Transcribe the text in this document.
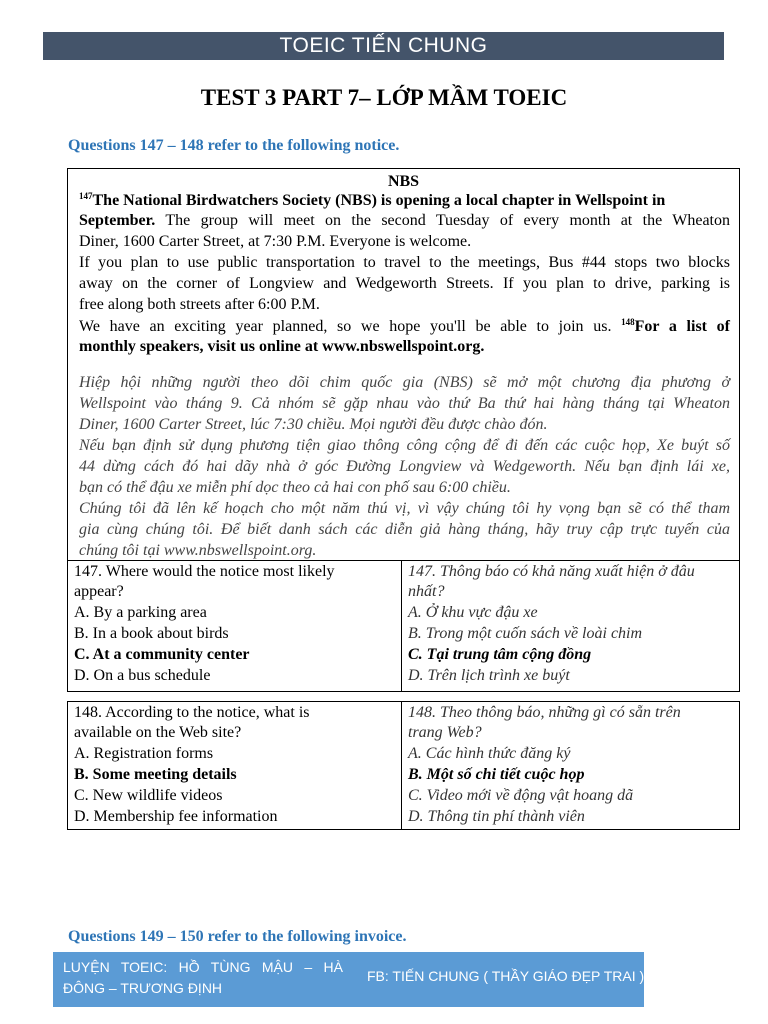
TOEIC TIẾN CHUNG
TEST 3 PART 7– LỚP MẦM TOEIC
Questions 147 – 148 refer to the following notice.
NBS
$^{147}$The National Birdwatchers Society (NBS) is opening a local chapter in Wellspoint in
September. The group will meet on the second Tuesday of every month at the Wheaton
Diner, 1600 Carter Street, at 7:30 P.M. Everyone is welcome.
If you plan to use public transportation to travel to the meetings, Bus #44 stops two blocks
away on the corner of Longview and Wedgeworth Streets. If you plan to drive, parking is
free along both streets after 6:00 P.M.
We have an exciting year planned, so we hope you'll be able to join us. $^{148}$For a list of
monthly speakers, visit us online at www.nbswellspoint.org.
Hiệp hội những người theo dõi chim quốc gia (NBS) sẽ mở một chương địa phương ở
Wellspoint vào tháng 9. Cả nhóm sẽ gặp nhau vào thứ Ba thứ hai hàng tháng tại Wheaton
Diner, 1600 Carter Street, lúc 7:30 chiều. Mọi người đều được chào đón.
Nếu bạn định sử dụng phương tiện giao thông công cộng để đi đến các cuộc họp, Xe buýt số
44 dừng cách đó hai dãy nhà ở góc Đường Longview và Wedgeworth. Nếu bạn định lái xe,
bạn có thể đậu xe miễn phí dọc theo cả hai con phố sau 6:00 chiều.
Chúng tôi đã lên kế hoạch cho một năm thú vị, vì vậy chúng tôi hy vọng bạn sẽ có thể tham
gia cùng chúng tôi. Để biết danh sách các diễn giả hàng tháng, hãy truy cập trực tuyến của
chúng tôi tại www.nbswellspoint.org.
147. Where would the notice most likely
appear?
A. By a parking area
B. In a book about birds
C. At a community center
D. On a bus schedule
147. Thông báo có khả năng xuất hiện ở đâu
nhất?
A. Ở khu vực đậu xe
B. Trong một cuốn sách về loài chim
C. Tại trung tâm cộng đồng
D. Trên lịch trình xe buýt
148. According to the notice, what is
available on the Web site?
A. Registration forms
B. Some meeting details
C. New wildlife videos
D. Membership fee information
148. Theo thông báo, những gì có sẵn trên
trang Web?
A. Các hình thức đăng ký
B. Một số chi tiết cuộc họp
C. Video mới về động vật hoang dã
D. Thông tin phí thành viên
Questions 149 – 150 refer to the following invoice.
LUYỆN TOEIC: HỒ TÙNG MẬU – HÀ ĐÔNG – TRƯƠNG ĐỊNH
FB: TIẾN CHUNG ( THẦY GIÁO ĐẸP TRAI )
